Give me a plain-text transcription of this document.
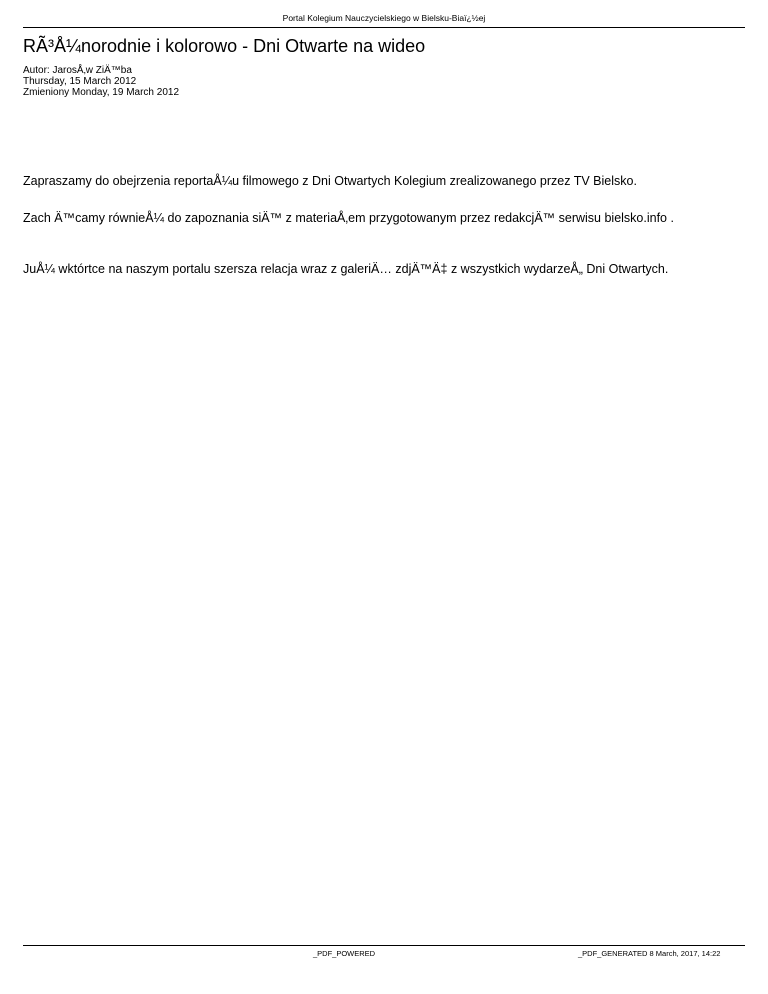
Portal Kolegium Nauczycielskiego w Bielsku-Biaï¿½ej
RÃ³Å¼norodnie i kolorowo - Dni Otwarte na wideo
Autor: JarosÅ‚w ZiÄ™ba
Thursday, 15 March 2012
Zmieniony Monday, 19 March 2012
Zapraszamy do obejrzenia reportaÅ¼u filmowego z Dni Otwartych Kolegium zrealizowanego przez TV Bielsko.
Zach Ä™camy równieÅ¼ do zapoznania siÄ™ z materiaÅ‚em przygotowanym przez redakcjÄ™ serwisu bielsko.info .
JuÅ¼ wktórtce na naszym portalu szersza relacja wraz z galeriÄ… zdjÄ™Ä‡ z wszystkich wydarzeÅ„ Dni Otwartych.
_PDF_POWERED	_PDF_GENERATED 8 March, 2017, 14:22
